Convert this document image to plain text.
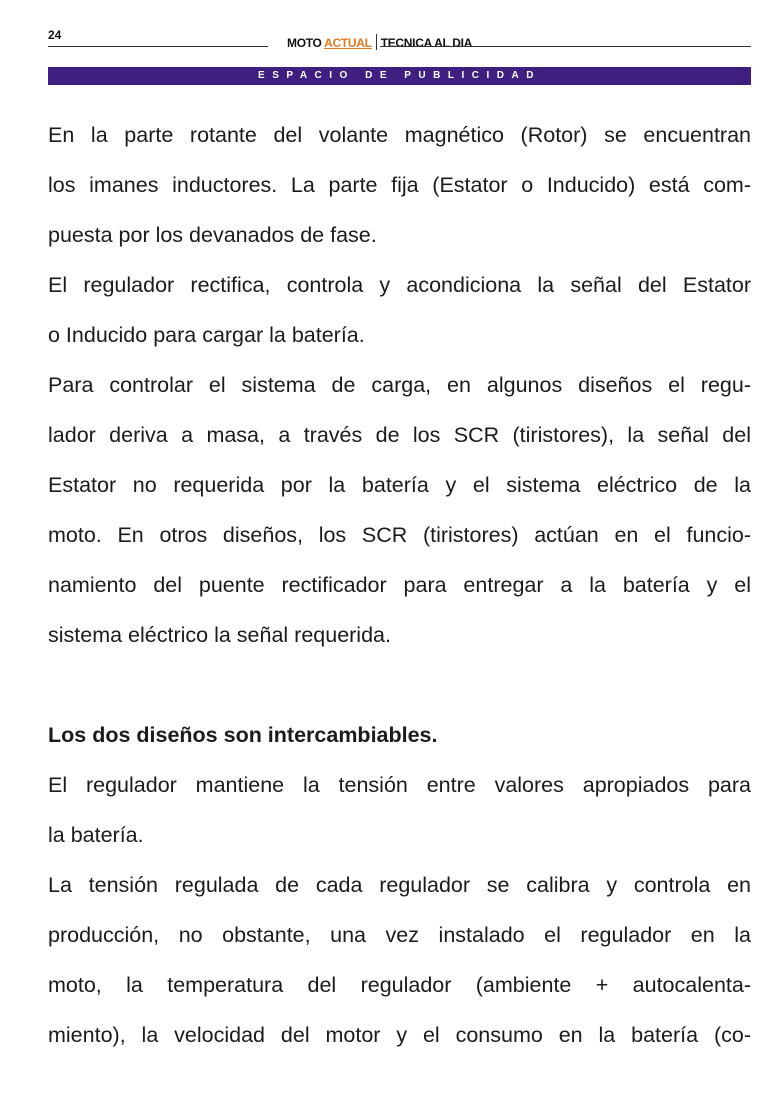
24
MOTO ACTUAL TECNICA AL DIA
ESPACIO DE PUBLICIDAD

En la parte rotante del volante magnético (Rotor) se encuentran
los imanes inductores. La parte fija (Estator o Inducido) está com-
puesta por los devanados de fase.

El regulador rectifica, controla y acondiciona la señal del Estator
o Inducido para cargar la batería.

Para controlar el sistema de carga, en algunos diseños el regu-
lador deriva a masa, a través de los SCR (tiristores), la señal del
Estator no requerida por la batería y el sistema eléctrico de la
moto. En otros diseños, los SCR (tiristores) actúan en el funcio-
namiento del puente rectificador para entregar a la batería y el
sistema eléctrico la señal requerida.

Los dos diseños son intercambiables.

El regulador mantiene la tensión entre valores apropiados para
la batería.

La tensión regulada de cada regulador se calibra y controla en
producción, no obstante, una vez instalado el regulador en la
moto, la temperatura del regulador (ambiente + autocalenta-
miento), la velocidad del motor y el consumo en la batería (co-
